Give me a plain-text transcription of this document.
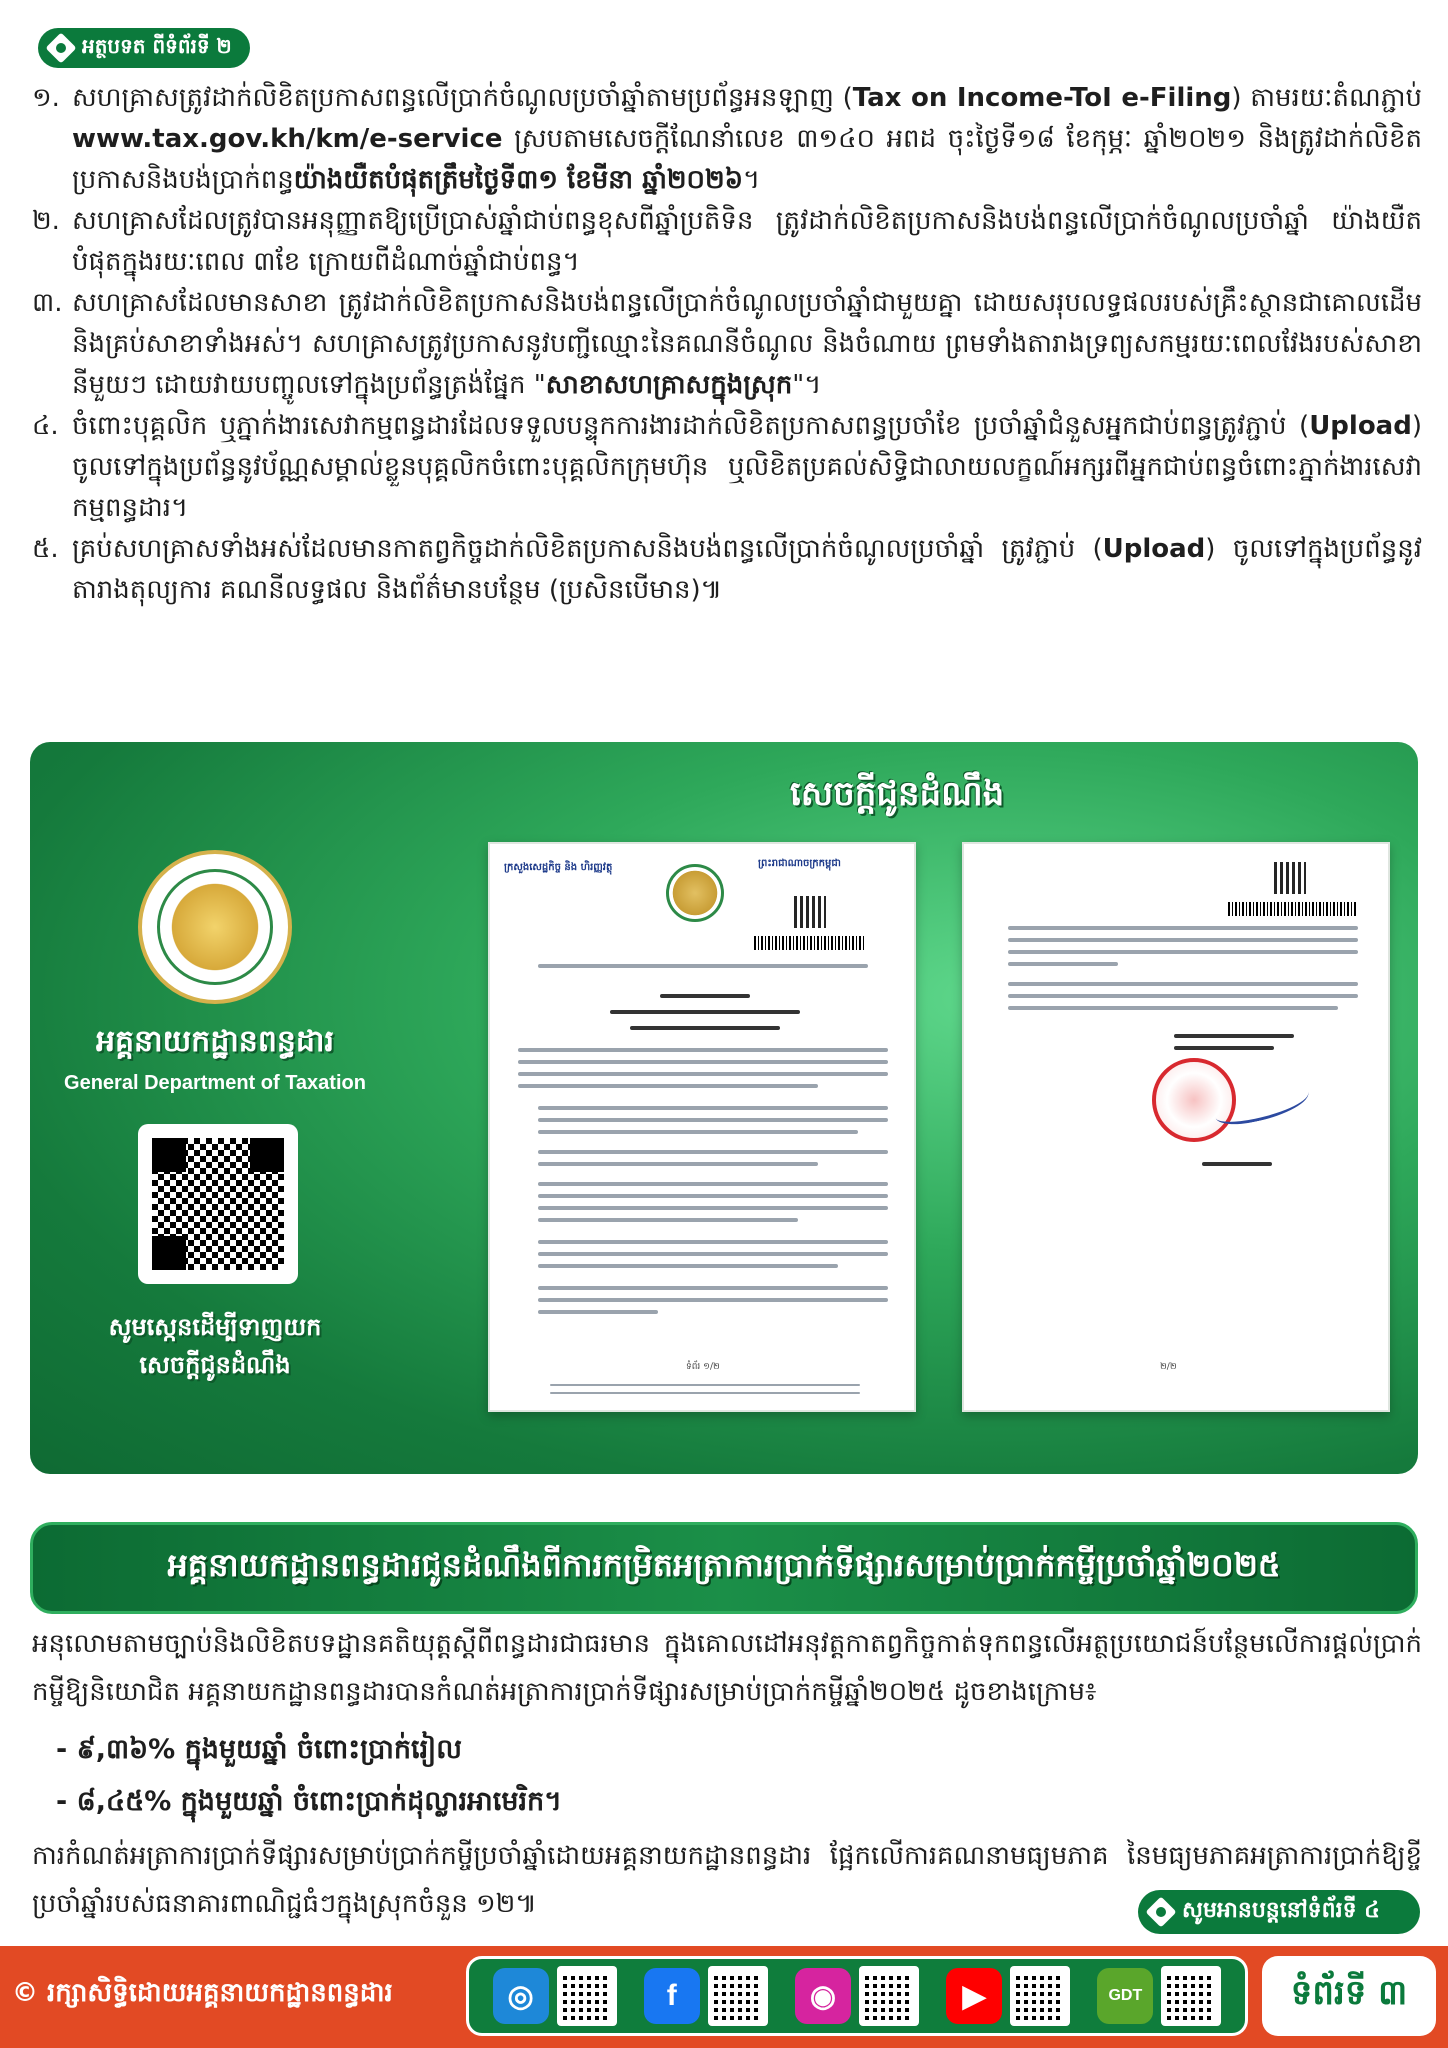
អត្ថបទត ពីទំព័រទី ២
១. សហគ្រាសត្រូវដាក់លិខិតប្រកាសពន្ធលើប្រាក់ចំណូលប្រចាំឆ្នាំតាមប្រព័ន្ធអនឡាញ (Tax on Income-ToI e-Filing) តាមរយៈតំណភ្ជាប់ www.tax.gov.kh/km/e-service ស្របតាមសេចក្តីណែនាំលេខ ៣១៤០ អពដ ចុះថ្ងៃទី១៨ ខែកុម្ភៈ ឆ្នាំ២០២១ និងត្រូវដាក់លិខិតប្រកាសនិងបង់ប្រាក់ពន្ធយ៉ាងយឺតបំផុតត្រឹមថ្ងៃទី៣១ ខែមីនា ឆ្នាំ២០២៦។
២. សហគ្រាសដែលត្រូវបានអនុញ្ញាតឱ្យប្រើប្រាស់ឆ្នាំជាប់ពន្ធខុសពីឆ្នាំប្រតិទិន ត្រូវដាក់លិខិតប្រកាសនិងបង់ពន្ធលើប្រាក់ចំណូលប្រចាំឆ្នាំ យ៉ាងយឺតបំផុតក្នុងរយៈពេល ៣ខែ ក្រោយពីដំណាច់ឆ្នាំជាប់ពន្ធ។
៣. សហគ្រាសដែលមានសាខា ត្រូវដាក់លិខិតប្រកាសនិងបង់ពន្ធលើប្រាក់ចំណូលប្រចាំឆ្នាំជាមួយគ្នា ដោយសរុបលទ្ធផលរបស់គ្រឹះស្ថានជាគោលដើម និងគ្រប់សាខាទាំងអស់។ សហគ្រាសត្រូវប្រកាសនូវបញ្ជីឈ្មោះនៃគណនីចំណូល និងចំណាយ ព្រមទាំងតារាងទ្រព្យសកម្មរយៈពេលវែងរបស់សាខានីមួយៗ ដោយវាយបញ្ចូលទៅក្នុងប្រព័ន្ធត្រង់ផ្នែក "សាខាសហគ្រាសក្នុងស្រុក"។
៤. ចំពោះបុគ្គលិក ឬភ្នាក់ងារសេវាកម្មពន្ធដារដែលទទួលបន្ទុកការងារដាក់លិខិតប្រកាសពន្ធប្រចាំខែ ប្រចាំឆ្នាំជំនួសអ្នកជាប់ពន្ធត្រូវភ្ជាប់ (Upload) ចូលទៅក្នុងប្រព័ន្ធនូវប័ណ្ណសម្គាល់ខ្លួនបុគ្គលិកចំពោះបុគ្គលិកក្រុមហ៊ុន ឬលិខិតប្រគល់សិទ្ធិជាលាយលក្ខណ៍អក្សរពីអ្នកជាប់ពន្ធចំពោះភ្នាក់ងារសេវាកម្មពន្ធដារ។
៥. គ្រប់សហគ្រាសទាំងអស់ដែលមានកាតព្វកិច្ចដាក់លិខិតប្រកាសនិងបង់ពន្ធលើប្រាក់ចំណូលប្រចាំឆ្នាំ ត្រូវភ្ជាប់ (Upload) ចូលទៅក្នុងប្រព័ន្ធនូវតារាងតុល្យការ គណនីលទ្ធផល និងព័ត៌មានបន្ថែម (ប្រសិនបើមាន)៕
សេចក្តីជូនដំណឹង
អគ្គនាយកដ្ឋានពន្ធដារ
General Department of Taxation
សូមស្កេនដើម្បីទាញយក
សេចក្តីជូនដំណឹង
ក្រសួងសេដ្ឋកិច្ច និង ហិរញ្ញវត្ថុ	ព្រះរាជាណាចក្រកម្ពុជា
ទំព័រ ១/២	២/២
អគ្គនាយកដ្ឋានពន្ធដារជូនដំណឹងពីការកម្រិតអត្រាការប្រាក់ទីផ្សារសម្រាប់ប្រាក់កម្ចីប្រចាំឆ្នាំ២០២៥
អនុលោមតាមច្បាប់និងលិខិតបទដ្ឋានគតិយុត្តស្តីពីពន្ធដារជាធរមាន ក្នុងគោលដៅអនុវត្តកាតព្វកិច្ចកាត់ទុកពន្ធលើអត្ថប្រយោជន៍បន្ថែមលើការផ្តល់ប្រាក់កម្ចីឱ្យនិយោជិត អគ្គនាយកដ្ឋានពន្ធដារបានកំណត់អត្រាការប្រាក់ទីផ្សារសម្រាប់ប្រាក់កម្ចីឆ្នាំ២០២៥ ដូចខាងក្រោម៖
- ៩,៣៦% ក្នុងមួយឆ្នាំ ចំពោះប្រាក់រៀល
- ៨,៤៥% ក្នុងមួយឆ្នាំ ចំពោះប្រាក់ដុល្លារអាមេរិក។
ការកំណត់អត្រាការប្រាក់ទីផ្សារសម្រាប់ប្រាក់កម្ចីប្រចាំឆ្នាំដោយអគ្គនាយកដ្ឋានពន្ធដារ ផ្អែកលើការគណនាមធ្យមភាគ នៃមធ្យមភាគអត្រាការប្រាក់ឱ្យខ្ចីប្រចាំឆ្នាំរបស់ធនាគារពាណិជ្ជធំៗក្នុងស្រុកចំនួន ១២៕	សូមអានបន្តនៅទំព័រទី ៤
© រក្សាសិទ្ធិដោយអគ្គនាយកដ្ឋានពន្ធដារ	◎	f	◉	▶	GDT	ទំព័រទី ៣
